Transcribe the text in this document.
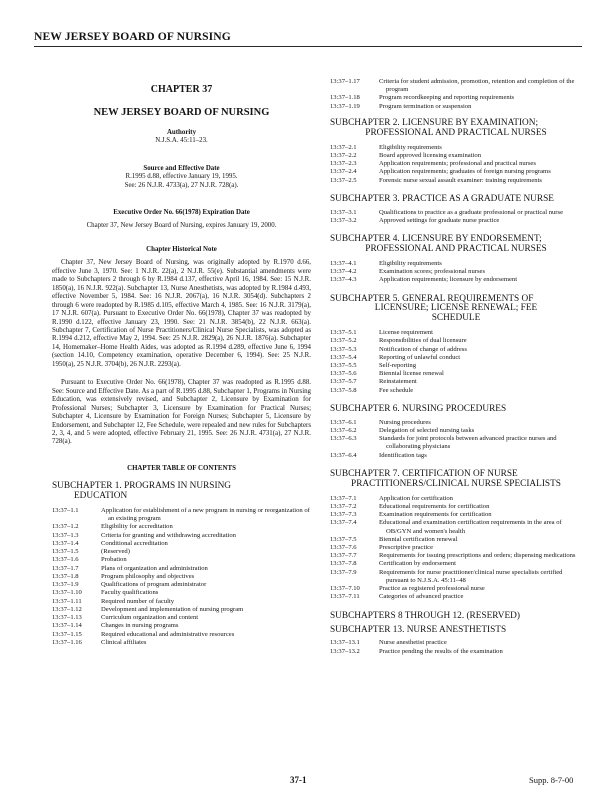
NEW JERSEY BOARD OF NURSING
CHAPTER 37
NEW JERSEY BOARD OF NURSING
Authority
N.J.S.A. 45:11–23.
Source and Effective Date
R.1995 d.88, effective January 19, 1995.
See: 26 N.J.R. 4733(a), 27 N.J.R. 728(a).
Executive Order No. 66(1978) Expiration Date
Chapter 37, New Jersey Board of Nursing, expires January 19, 2000.
Chapter Historical Note
Chapter 37, New Jersey Board of Nursing, was originally adopted by R.1970 d.66, effective June 3, 1970. See: 1 N.J.R. 22(a), 2 N.J.R. 55(e). Substantial amendments were made to Subchapters 2 through 6 by R.1984 d.137, effective April 16, 1984. See: 15 N.J.R. 1850(a), 16 N.J.R. 922(a). Subchapter 13, Nurse Anesthetists, was adopted by R.1984 d.493, effective November 5, 1984. See: 16 N.J.R. 2067(a), 16 N.J.R. 3054(d). Subchapters 2 through 6 were readopted by R.1985 d.105, effective March 4, 1985. See: 16 N.J.R. 3179(a), 17 N.J.R. 607(a). Pursuant to Executive Order No. 66(1978), Chapter 37 was readopted by R.1990 d.122, effective January 23, 1990. See: 21 N.J.R. 3854(b), 22 N.J.R. 663(a). Subchapter 7, Certification of Nurse Practitioners/Clinical Nurse Specialists, was adopted as R.1994 d.212, effective May 2, 1994. See: 25 N.J.R. 2829(a), 26 N.J.R. 1876(a). Subchapter 14, Homemaker–Home Health Aides, was adopted as R.1994 d.289, effective June 6, 1994 (section 14.10, Competency examination, operative December 6, 1994). See: 25 N.J.R. 1950(a), 25 N.J.R. 3704(b), 26 N.J.R. 2293(a).
Pursuant to Executive Order No. 66(1978), Chapter 37 was readopted as R.1995 d.88. See: Source and Effective Date. As a part of R.1995 d.88, Subchapter 1, Programs in Nursing Education, was extensively revised, and Subchapter 2, Licensure by Examination for Professional Nurses; Subchapter 3, Licensure by Examination for Practical Nurses; Subchapter 4, Licensure by Examination for Foreign Nurses; Subchapter 5, Licensure by Endorsement, and Subchapter 12, Fee Schedule, were repealed and new rules for Subchapters 2, 3, 4, and 5 were adopted, effective February 21, 1995. See: 26 N.J.R. 4731(a), 27 N.J.R. 728(a).
CHAPTER TABLE OF CONTENTS
SUBCHAPTER 1. PROGRAMS IN NURSING
EDUCATION
13:37–1.1	Application for establishment of a new program in nursing or reorganization of an existing program
13:37–1.2	Eligibility for accreditation
13:37–1.3	Criteria for granting and withdrawing accreditation
13:37–1.4	Conditional accreditation
13:37–1.5	(Reserved)
13:37–1.6	Probation
13:37–1.7	Plans of organization and administration
13:37–1.8	Program philosophy and objectives
13:37–1.9	Qualifications of program administrator
13:37–1.10	Faculty qualifications
13:37–1.11	Required number of faculty
13:37–1.12	Development and implementation of nursing program
13:37–1.13	Curriculum organization and content
13:37–1.14	Changes in nursing programs
13:37–1.15	Required educational and administrative resources
13:37–1.16	Clinical affiliates
13:37–1.17	Criteria for student admission, promotion, retention and completion of the program
13:37–1.18	Program recordkeeping and reporting requirements
13:37–1.19	Program termination or suspension
SUBCHAPTER 2. LICENSURE BY EXAMINATION;
PROFESSIONAL AND PRACTICAL NURSES
13:37–2.1	Eligibility requirements
13:37–2.2	Board approved licensing examination
13:37–2.3	Application requirements; professional and practical nurses
13:37–2.4	Application requirements; graduates of foreign nursing programs
13:37–2.5	Forensic nurse sexual assault examiner: training requirements
SUBCHAPTER 3. PRACTICE AS A GRADUATE NURSE
13:37–3.1	Qualifications to practice as a graduate professional or practical nurse
13:37–3.2	Approved settings for graduate nurse practice
SUBCHAPTER 4. LICENSURE BY ENDORSEMENT;
PROFESSIONAL AND PRACTICAL NURSES
13:37–4.1	Eligibility requirements
13:37–4.2	Examination scores; professional nurses
13:37–4.3	Application requirements; licensure by endorsement
SUBCHAPTER 5. GENERAL REQUIREMENTS OF
LICENSURE; LICENSE RENEWAL; FEE
SCHEDULE
13:37–5.1	License requirement
13:37–5.2	Responsibilities of dual licensure
13:37–5.3	Notification of change of address
13:37–5.4	Reporting of unlawful conduct
13:37–5.5	Self-reporting
13:37–5.6	Biennial license renewal
13:37–5.7	Reinstatement
13:37–5.8	Fee schedule
SUBCHAPTER 6. NURSING PROCEDURES
13:37–6.1	Nursing procedures
13:37–6.2	Delegation of selected nursing tasks
13:37–6.3	Standards for joint protocols between advanced practice nurses and collaborating physicians
13:37–6.4	Identification tags
SUBCHAPTER 7. CERTIFICATION OF NURSE
PRACTITIONERS/CLINICAL NURSE SPECIALISTS
13:37–7.1	Application for certification
13:37–7.2	Educational requirements for certification
13:37–7.3	Examination requirements for certification
13:37–7.4	Educational and examination certification requirements in the area of OB/GYN and women's health
13:37–7.5	Biennial certification renewal
13:37–7.6	Prescriptive practice
13:37–7.7	Requirements for issuing prescriptions and orders; dispensing medications
13:37–7.8	Certification by endorsement
13:37–7.9	Requirements for nurse practitioner/clinical nurse specialists certified pursuant to N.J.S.A. 45:11–48
13:37–7.10	Practice as registered professional nurse
13:37–7.11	Categories of advanced practice
SUBCHAPTERS 8 THROUGH 12. (RESERVED)
SUBCHAPTER 13. NURSE ANESTHETISTS
13:37–13.1	Nurse anesthetist practice
13:37–13.2	Practice pending the results of the examination
37-1	Supp. 8-7-00
